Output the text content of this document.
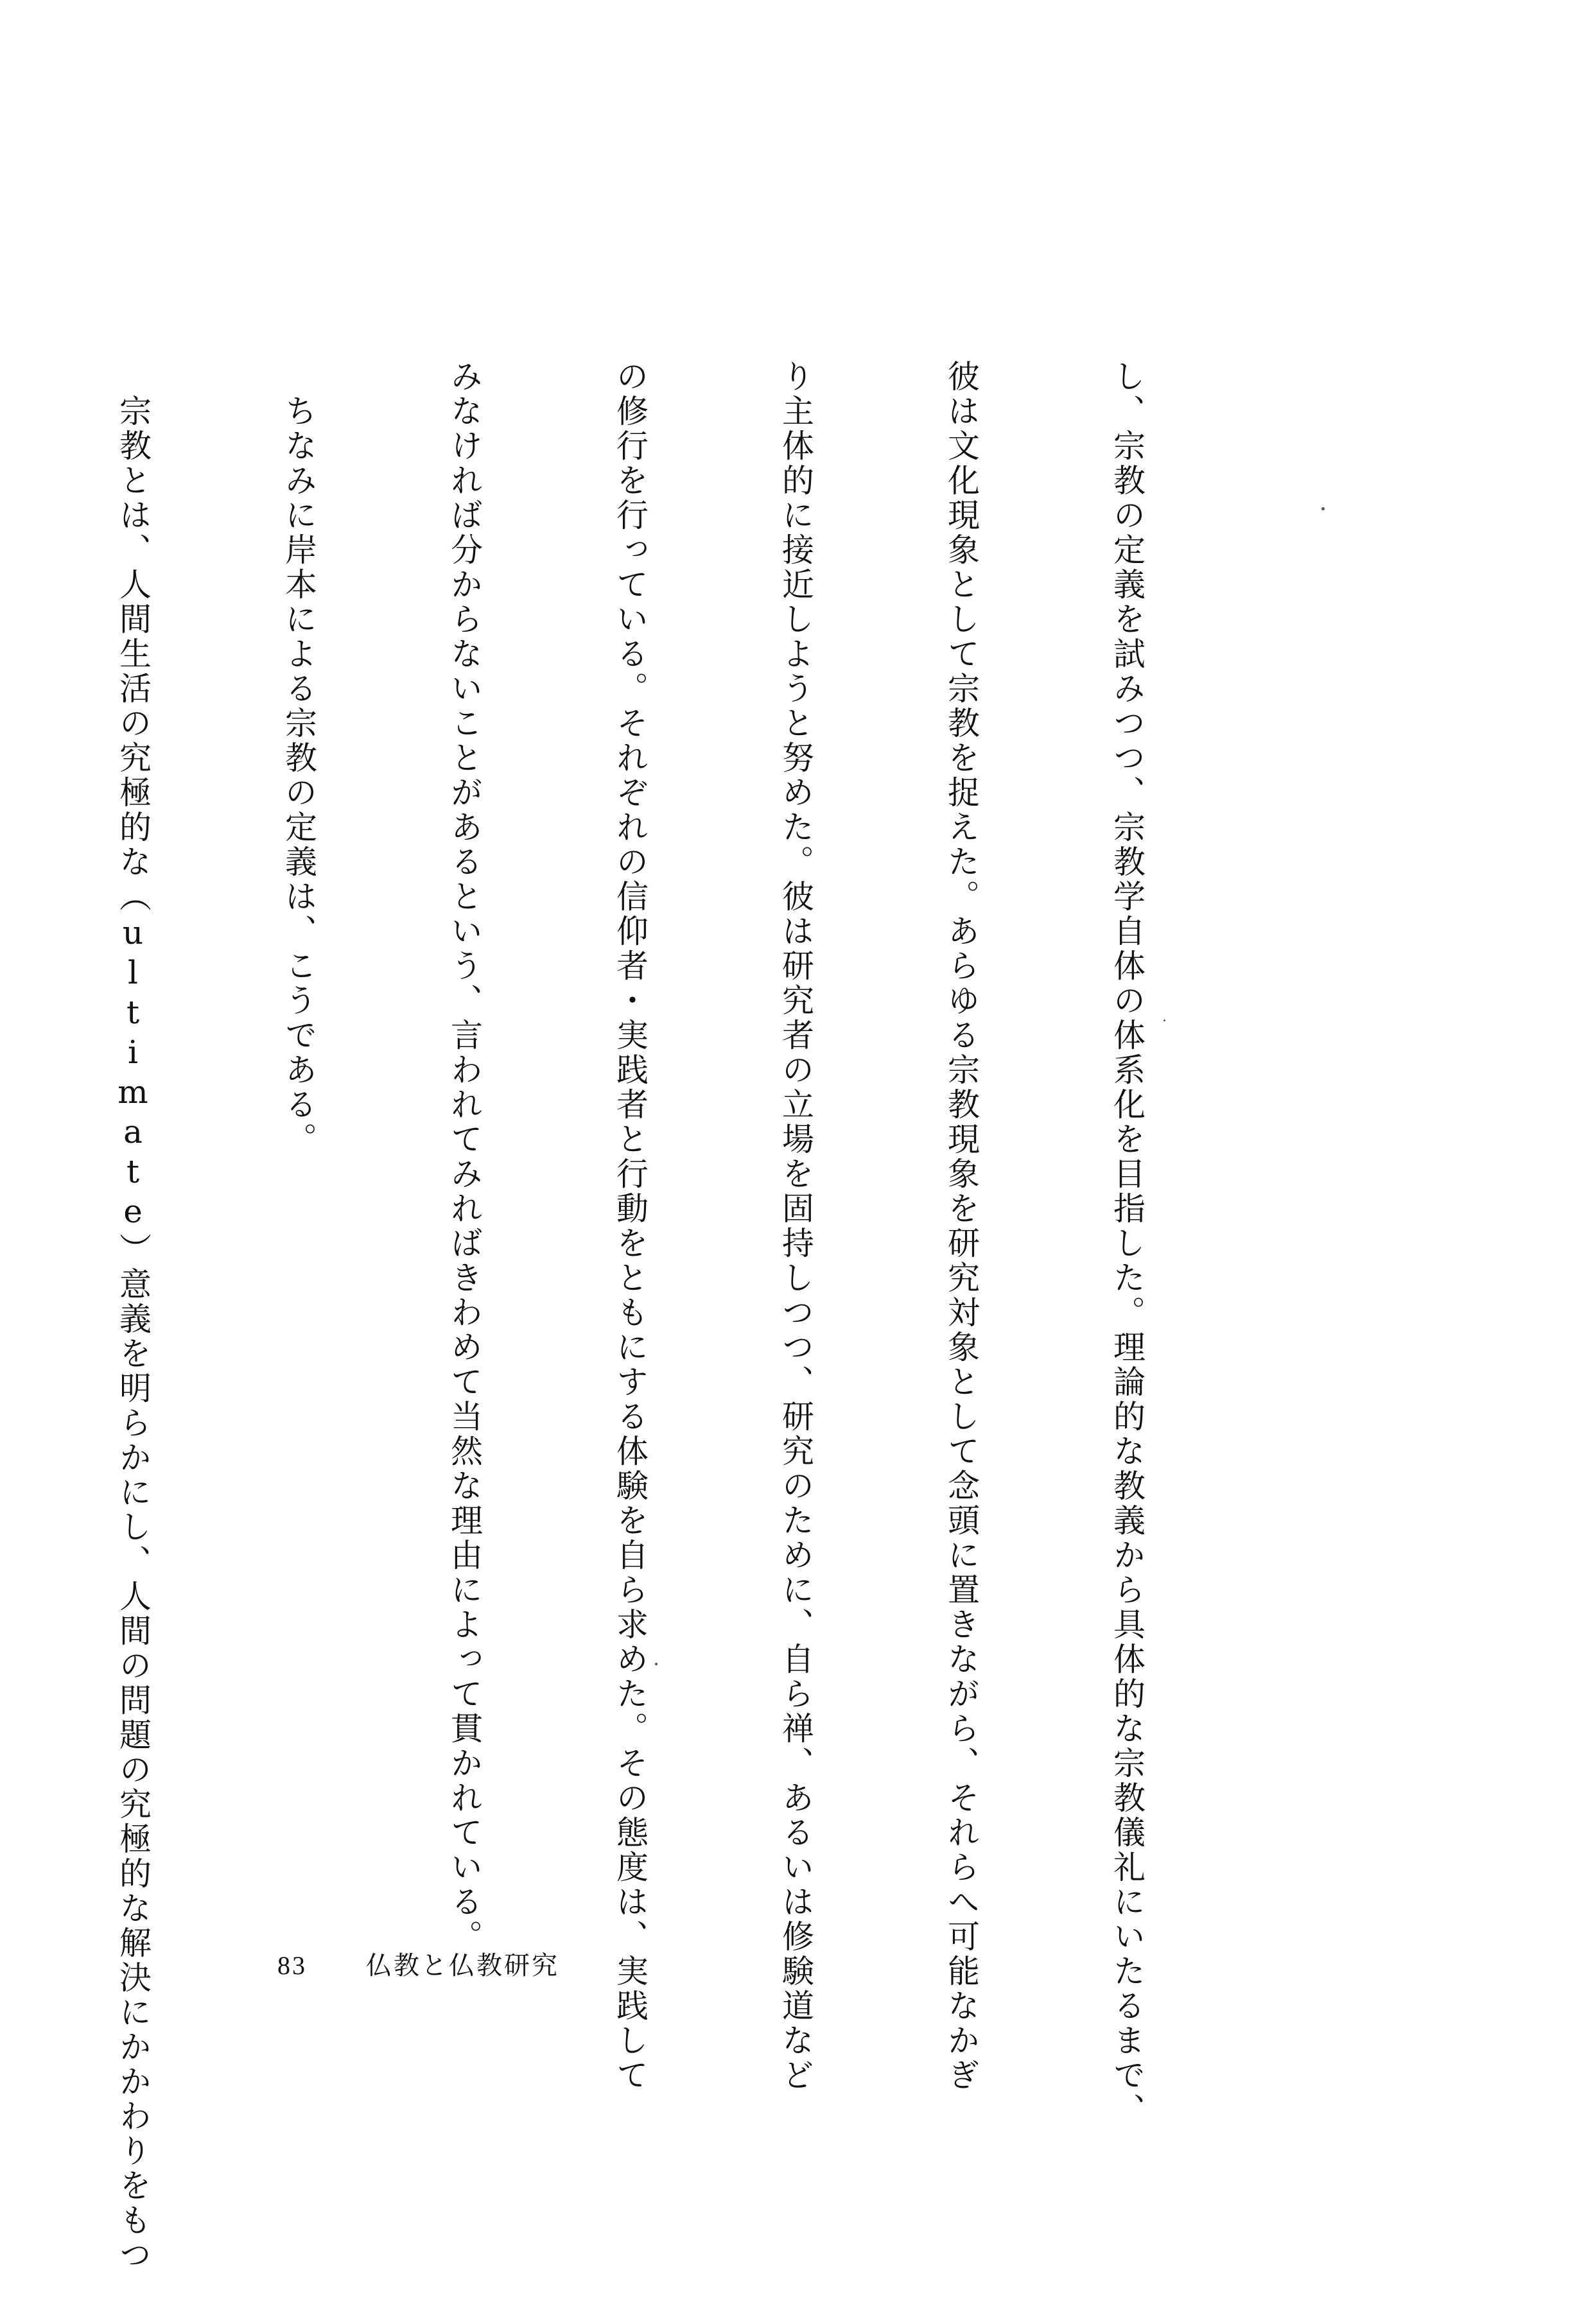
し、宗教の定義を試みつつ、宗教学自体の体系化を目指した。理論的な教義から具体的な宗教儀礼にいたるまで、

彼は文化現象として宗教を捉えた。あらゆる宗教現象を研究対象として念頭に置きながら、それらへ可能なかぎ

り主体的に接近しようと努めた。彼は研究者の立場を固持しつつ、研究のために、自ら禅、あるいは修験道など

の修行を行っている。それぞれの信仰者・実践者と行動をともにする体験を自ら求めた。その態度は、実践して

みなければ分からないことがあるという、言われてみればきわめて当然な理由によって貫かれている。

ちなみに岸本による宗教の定義は、こうである。

宗教とは、人間生活の究極的な（ultimate）意義を明らかにし、人間の問題の究極的な解決にかかわりをもつ

	83 仏教と仏教研究
